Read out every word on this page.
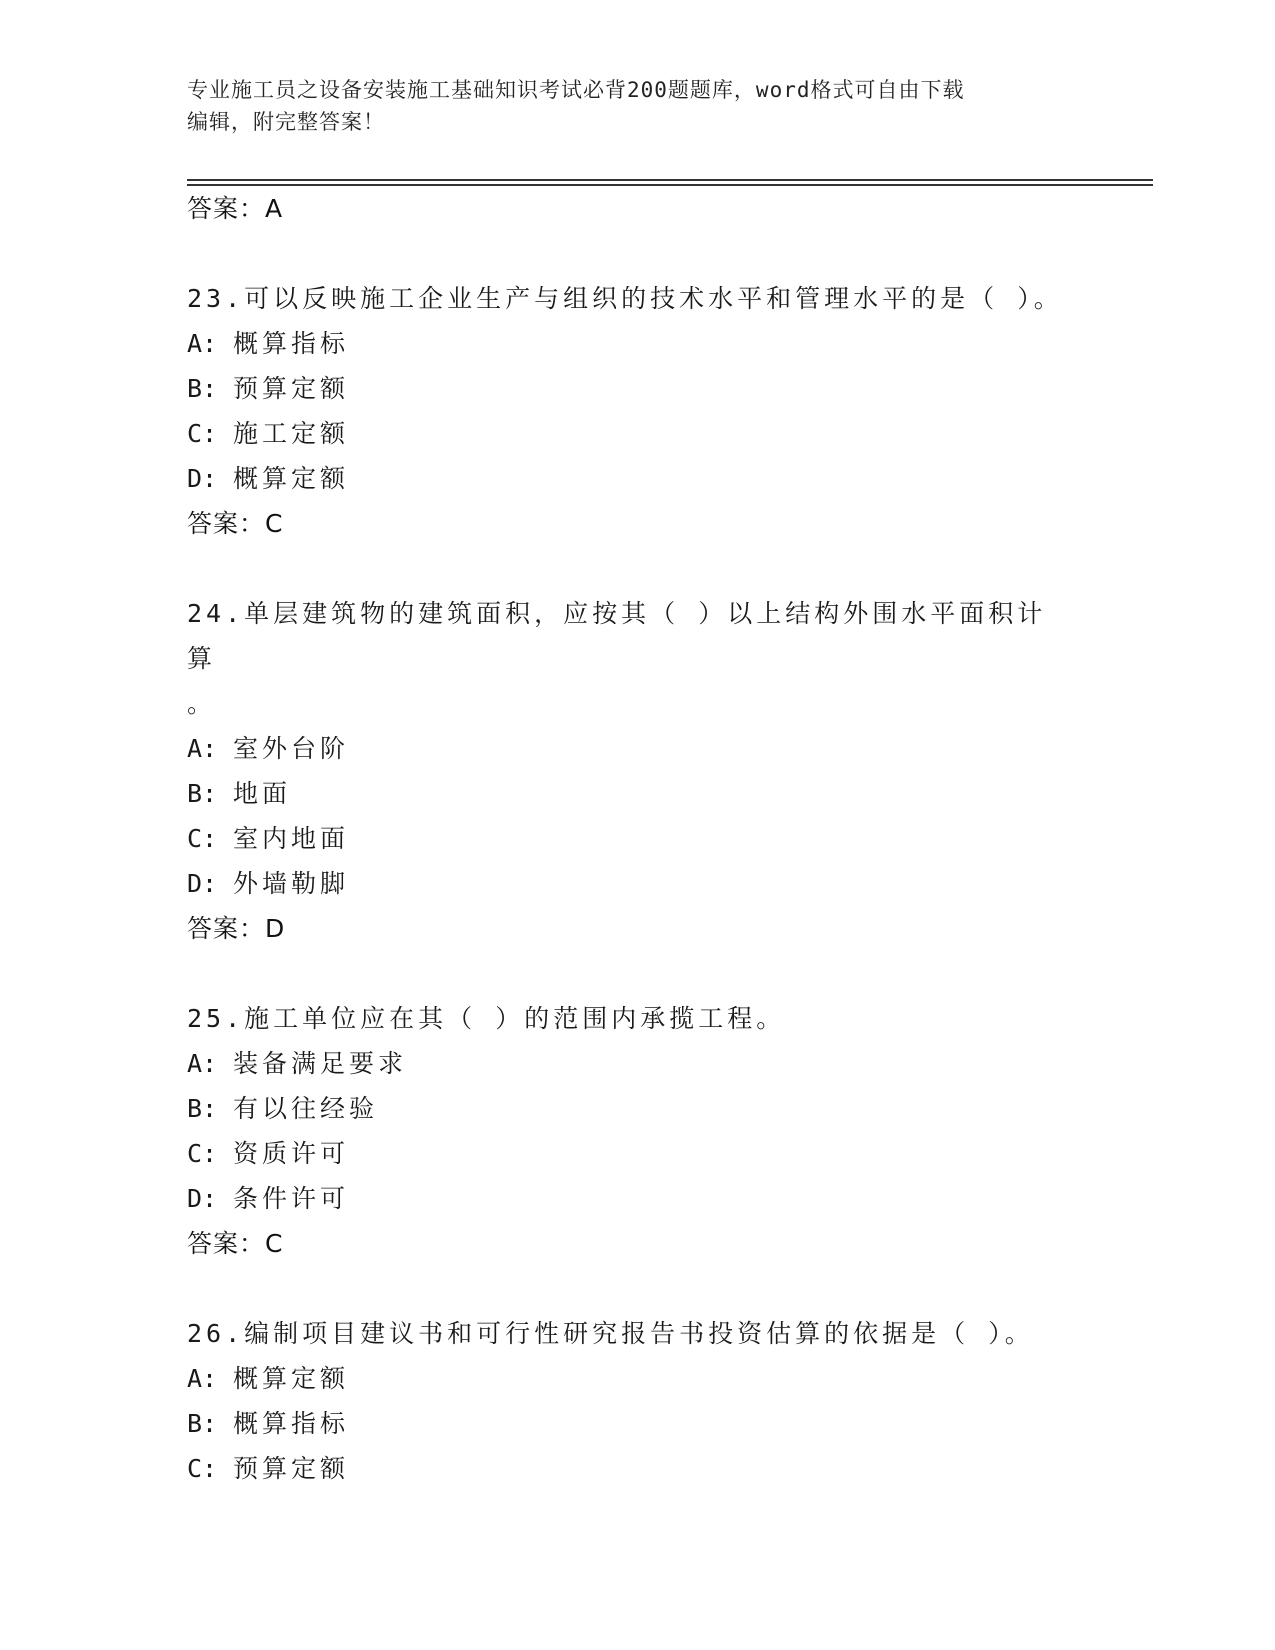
专业施工员之设备安装施工基础知识考试必背200题题库，word格式可自由下载
编辑，附完整答案！
答案：A
23.可以反映施工企业生产与组织的技术水平和管理水平的是（ ）。
A: 概算指标
B: 预算定额
C: 施工定额
D: 概算定额
答案：C
24.单层建筑物的建筑面积，应按其（ ）以上结构外围水平面积计算
。
A: 室外台阶
B: 地面
C: 室内地面
D: 外墙勒脚
答案：D
25.施工单位应在其（ ）的范围内承揽工程。
A: 装备满足要求
B: 有以往经验
C: 资质许可
D: 条件许可
答案：C
26.编制项目建议书和可行性研究报告书投资估算的依据是（ ）。
A: 概算定额
B: 概算指标
C: 预算定额
